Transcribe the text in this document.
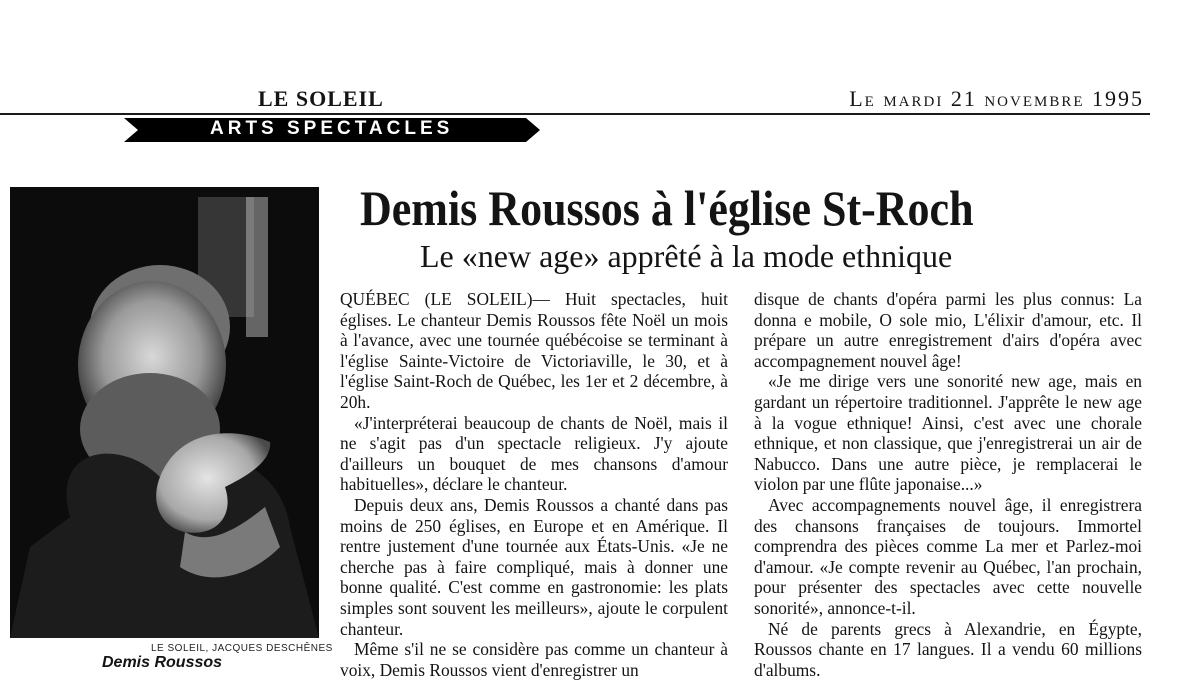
LE SOLEIL	Le mardi 21 novembre 1995
ARTS SPECTACLES
LE SOLEIL, JACQUES DESCHÊNES
Demis Roussos
Demis Roussos à l'église St-Roch
Le «new age» apprêté à la mode ethnique

QUÉBEC (LE SOLEIL)— Huit spectacles, huit églises. Le chanteur Demis Roussos fête Noël un mois à l'avance, avec une tournée québécoise se terminant à l'église Sainte-Victoire de Victoriaville, le 30, et à l'église Saint-Roch de Québec, les 1er et 2 décembre, à 20h.

«J'interpréterai beaucoup de chants de Noël, mais il ne s'agit pas d'un spectacle religieux. J'y ajoute d'ailleurs un bouquet de mes chansons d'amour habituelles», déclare le chanteur.

Depuis deux ans, Demis Roussos a chanté dans pas moins de 250 églises, en Europe et en Amérique. Il rentre justement d'une tournée aux États-Unis. «Je ne cherche pas à faire compliqué, mais à donner une bonne qualité. C'est comme en gastronomie: les plats simples sont souvent les meilleurs», ajoute le corpulent chanteur.

Même s'il ne se considère pas comme un chanteur à voix, Demis Roussos vient d'enregistrer un

disque de chants d'opéra parmi les plus connus: La donna e mobile, O sole mio, L'élixir d'amour, etc. Il prépare un autre enregistrement d'airs d'opéra avec accompagnement nouvel âge!

«Je me dirige vers une sonorité new age, mais en gardant un répertoire traditionnel. J'apprête le new age à la vogue ethnique! Ainsi, c'est avec une chorale ethnique, et non classique, que j'enregistrerai un air de Nabucco. Dans une autre pièce, je remplacerai le violon par une flûte japonaise...»

Avec accompagnements nouvel âge, il enregistrera des chansons françaises de toujours. Immortel comprendra des pièces comme La mer et Parlez-moi d'amour. «Je compte revenir au Québec, l'an prochain, pour présenter des spectacles avec cette nouvelle sonorité», annonce-t-il.

Né de parents grecs à Alexandrie, en Égypte, Roussos chante en 17 langues. Il a vendu 60 millions d'albums.
